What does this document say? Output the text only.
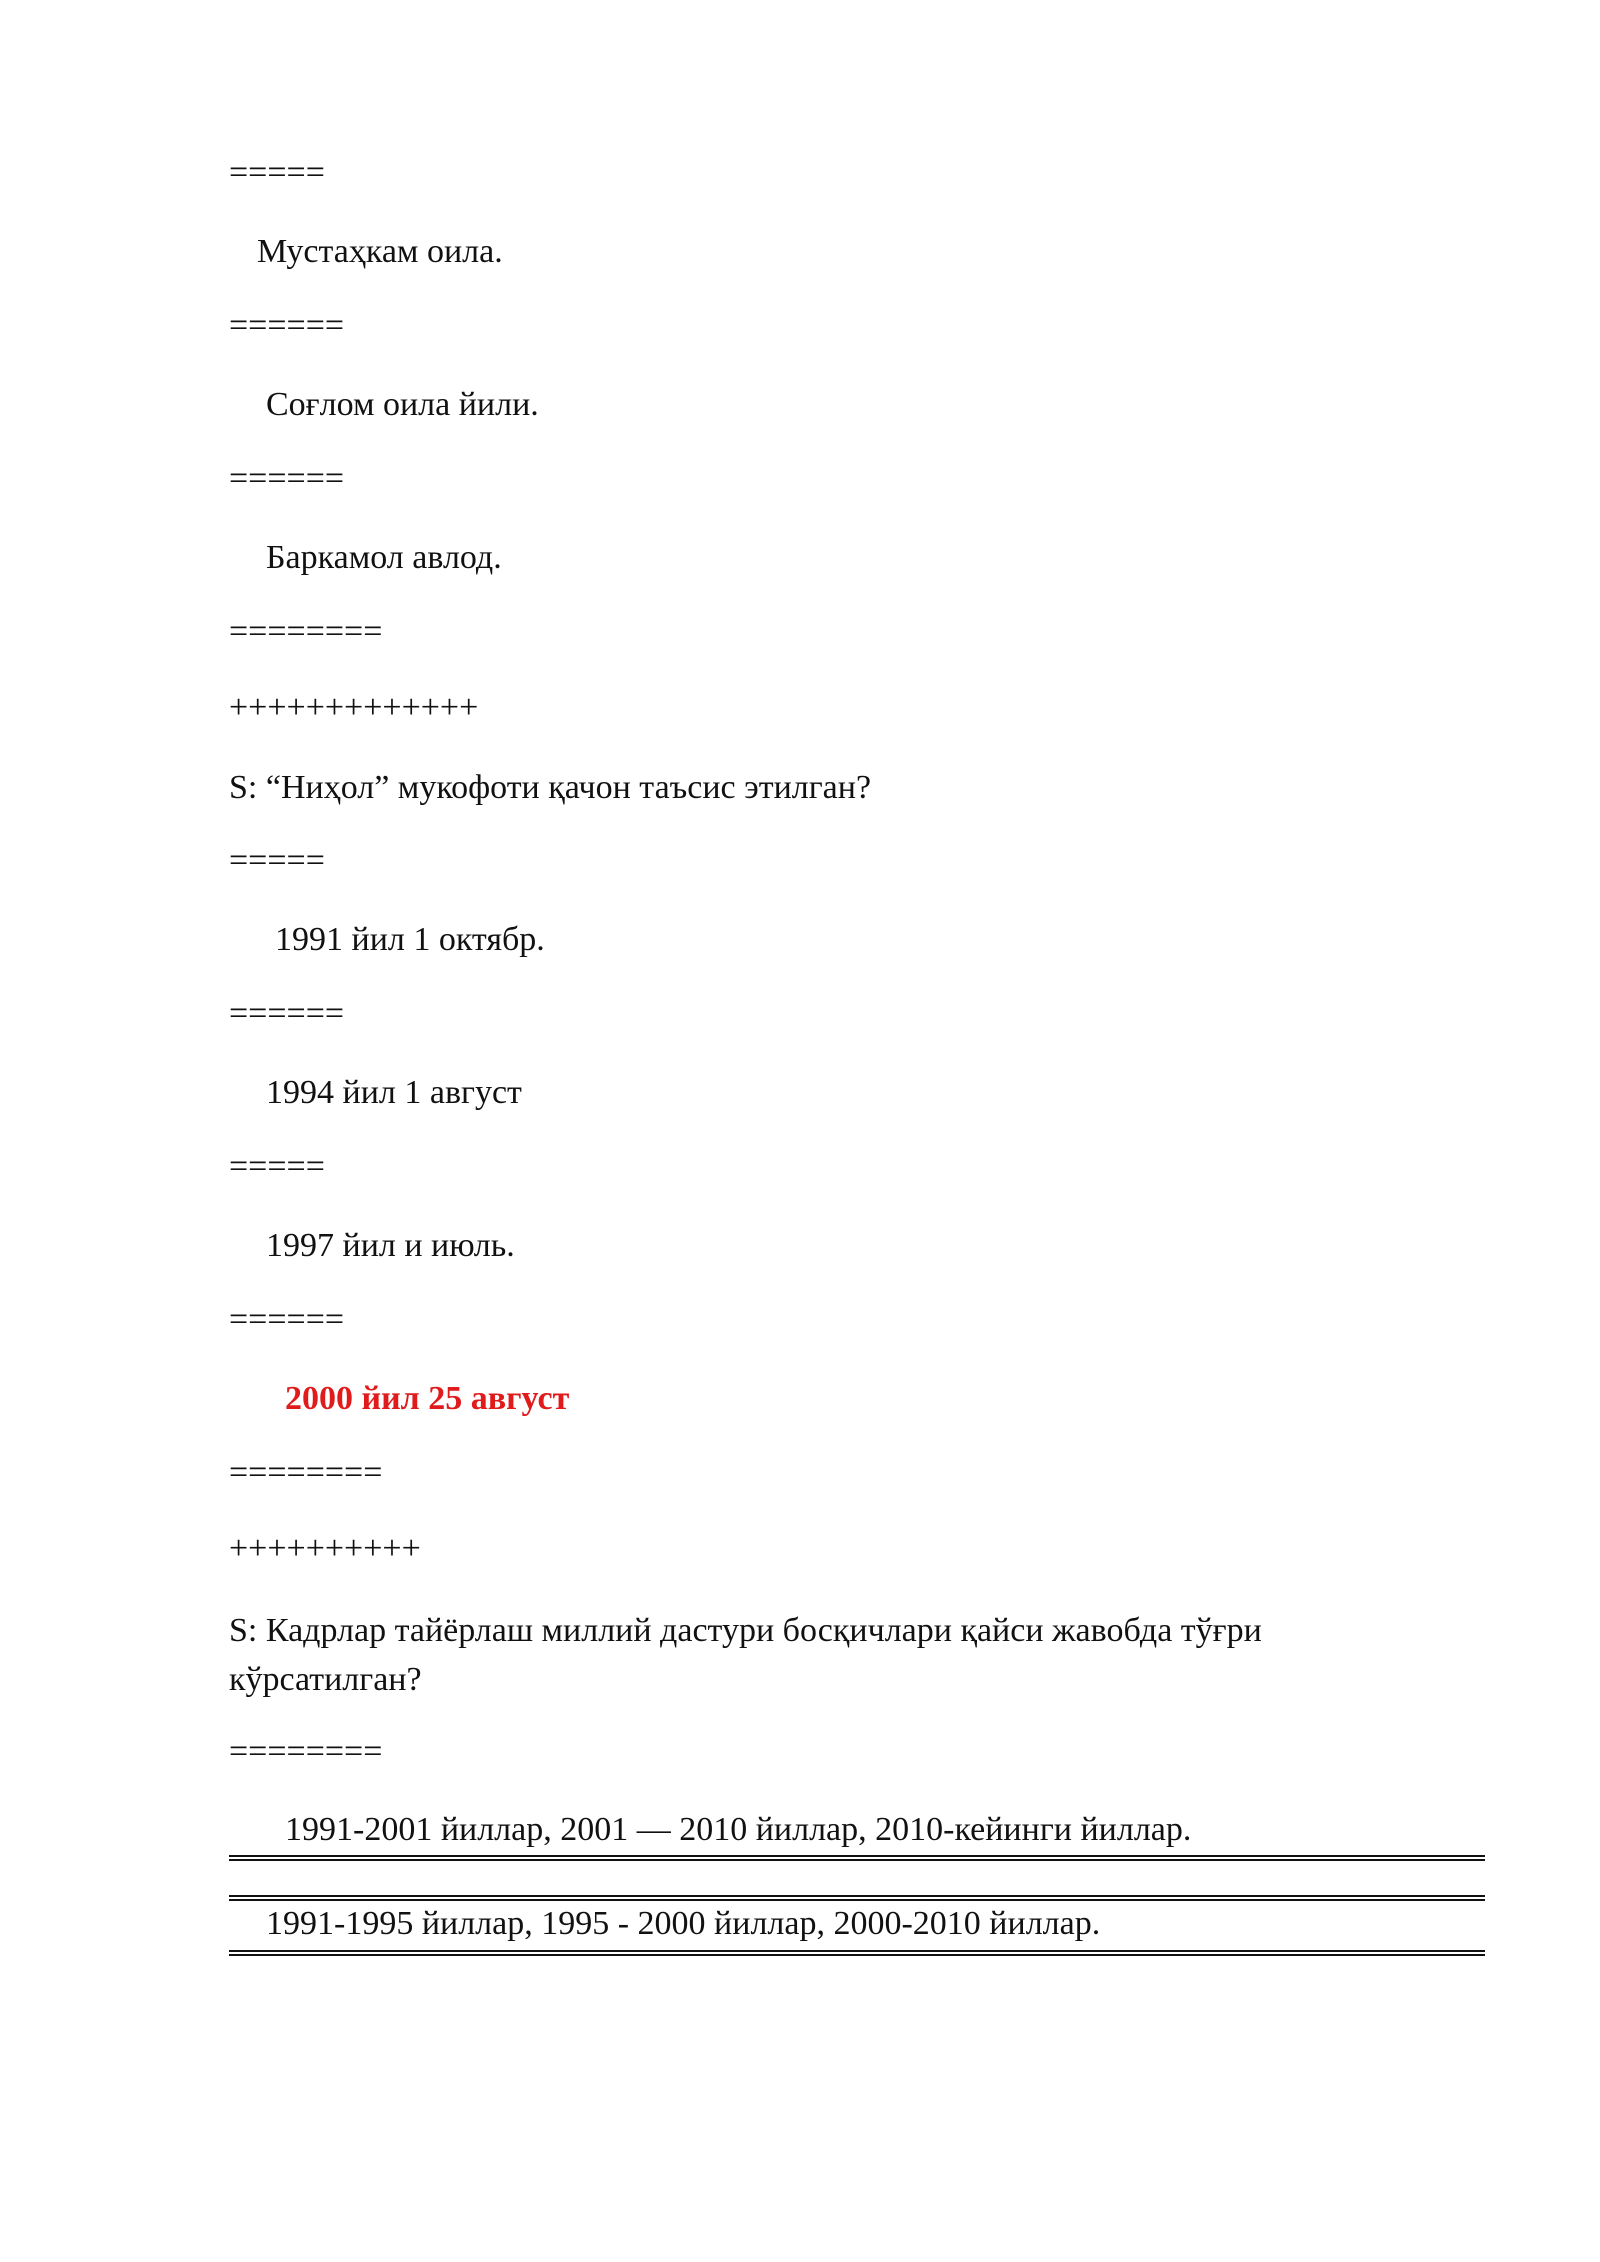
=====
Мустаҳкам оила.
======
Соғлом оила йили.
======
Баркамол авлод.
========
+++++++++++++
S: “Ниҳол” мукофоти қачон таъсис этилган?
=====
1991 йил 1 октябр.
======
1994 йил 1 август
=====
1997 йил и июль.
======
2000 йил 25 август
========
++++++++++
S: Кадрлар тайёрлаш миллий дастури босқичлари қайси жавобда тўғри кўрсатилган?
========
1991-2001 йиллар, 2001 — 2010 йиллар, 2010-кейинги йиллар.
1991-1995 йиллар, 1995 - 2000 йиллар, 2000-2010 йиллар.
